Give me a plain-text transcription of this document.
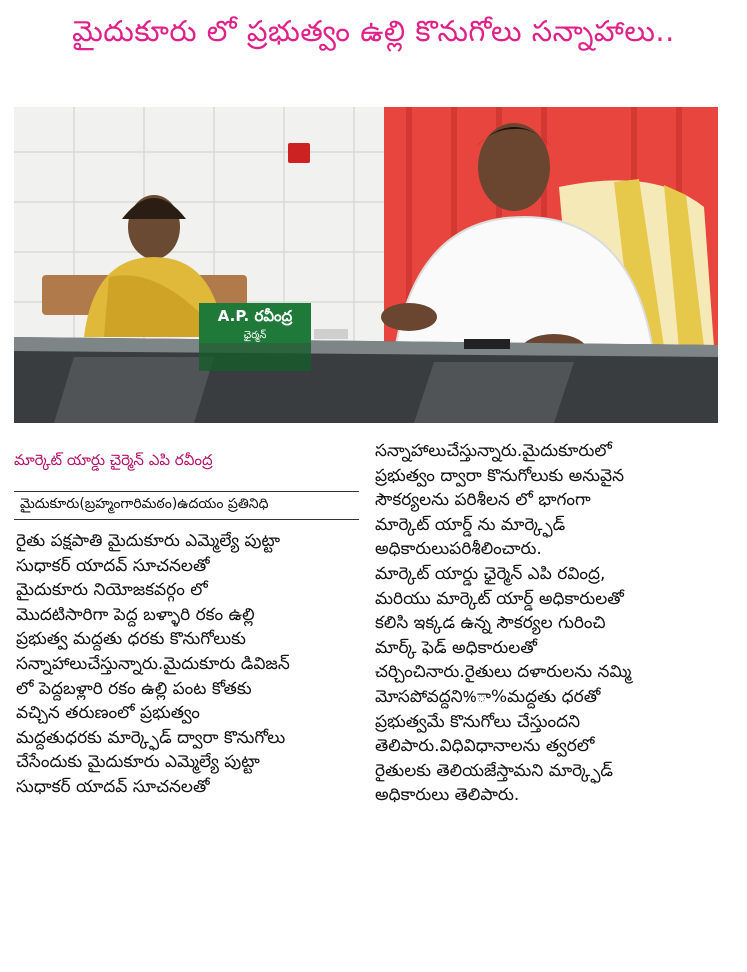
మైదుకూరు లో ప్రభుత్వం ఉల్లి కొనుగోలు సన్నాహాలు..
A.P. రవీంద్ర
ఛైర్మన్
మార్కెట్ యార్డు చైర్మెన్ ఎపి రవీంద్ర
మైదుకూరు(బ్రహ్మంగారిమఠం)ఉదయం ప్రతినిధి
రైతు పక్షపాతి మైదుకూరు ఎమ్మెల్యే పుట్టా
సుధాకర్ యాదవ్ సూచనలతో
మైదుకూరు నియోజకవర్గం లో
మొదటిసారిగా పెద్ద బళ్ళారి రకం ఉల్లి
ప్రభుత్వ మద్దతు ధరకు కొనుగోలుకు
సన్నాహాలుచేస్తున్నారు.మైదుకూరు డివిజన్
లో పెద్దబళ్లారి రకం ఉల్లి పంట కోతకు
వచ్చిన తరుణంలో ప్రభుత్వం
మద్దతుధరకు మార్క్ఫెడ్ ద్వారా కొనుగోలు
చేసేందుకు మైదుకూరు ఎమ్మెల్యే పుట్టా
సుధాకర్ యాదవ్ సూచనలతో
సన్నాహాలుచేస్తున్నారు.మైదుకూరులో
ప్రభుత్వం ద్వారా కొనుగోలుకు అనువైన
సౌకర్యలను పరిశీలన లో భాగంగా
మార్కెట్ యార్డ్ ను మార్క్ఫెడ్
అధికారులుపరిశీలించారు.
మార్కెట్ యార్డు ఛైర్మెన్ ఎపి రవింద్ర,
మరియు మార్కెట్ యార్డ్ అధికారులతో
కలిసి ఇక్కడ ఉన్న సౌకర్యల గురించి
మార్క్ ఫెడ్ అధికారులతో
చర్చించినారు.రైతులు దళారులను నమ్మి
మోసపోవద్దని%ా%మద్దతు ధరతో
ప్రభుత్వమే కొనుగోలు చేస్తుందని
తెలిపారు.విధివిధానాలను త్వరలో
రైతులకు తెలియజేస్తామని మార్క్ఫెడ్
అధికారులు తెలిపారు.
